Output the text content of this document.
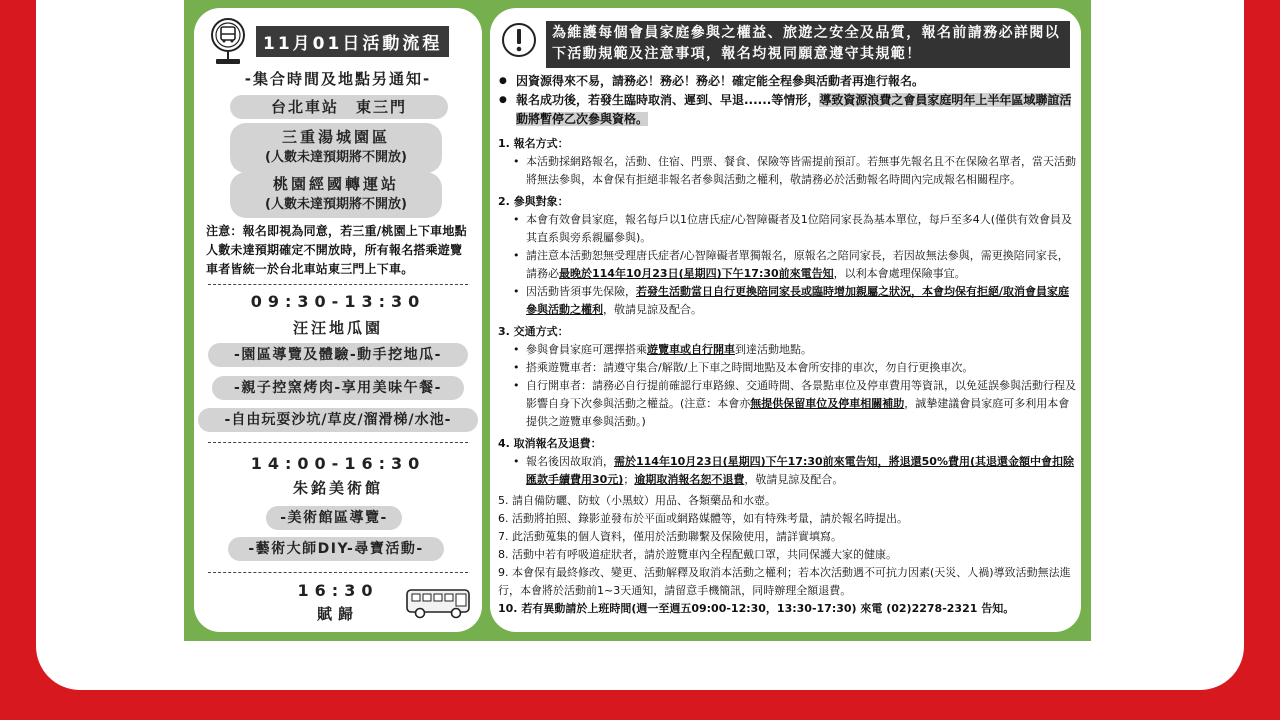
11月01日活動流程
-集合時間及地點另通知-
台北車站　東三門
三重湯城園區
(人數未達預期將不開放)
桃園經國轉運站
(人數未達預期將不開放)
注意：報名即視為同意，若三重/桃園上下車地點人數未達預期確定不開放時，所有報名搭乘遊覽車者皆統一於台北車站東三門上下車。
09:30-13:30
汪汪地瓜園
-園區導覽及體驗-動手挖地瓜-
-親子控窯烤肉-享用美味午餐-
-自由玩耍沙坑/草皮/溜滑梯/水池-
14:00-16:30
朱銘美術館
-美術館區導覽-
-藝術大師DIY-尋寶活動-
16:30
賦歸
為維護每個會員家庭參與之權益、旅遊之安全及品質，報名前請務必詳閱以下活動規範及注意事項，報名均視同願意遵守其規範！
● 因資源得來不易，請務必！務必！務必！確定能全程參與活動者再進行報名。
● 報名成功後，若發生臨時取消、遲到、早退......等情形，導致資源浪費之會員家庭明年上半年區域聯誼活動將暫停乙次參與資格。
1. 報名方式：
• 本活動採網路報名，活動、住宿、門票、餐食、保險等皆需提前預訂。若無事先報名且不在保險名單者，當天活動將無法參與，本會保有拒絕非報名者參與活動之權利，敬請務必於活動報名時間內完成報名相關程序。
2. 參與對象：
• 本會有效會員家庭，報名每戶以1位唐氏症/心智障礙者及1位陪同家長為基本單位，每戶至多4人(僅供有效會員及其直系與旁系親屬參與)。
• 請注意本活動恕無受理唐氏症者/心智障礙者單獨報名，原報名之陪同家長，若因故無法參與，需更換陪同家長，請務必最晚於114年10月23日(星期四)下午17:30前來電告知，以利本會處理保險事宜。
• 因活動皆須事先保險，若發生活動當日自行更換陪同家長或臨時增加親屬之狀況，本會均保有拒絕/取消會員家庭參與活動之權利，敬請見諒及配合。
3. 交通方式：
• 參與會員家庭可選擇搭乘遊覽車或自行開車到達活動地點。
• 搭乘遊覽車者：請遵守集合/解散/上下車之時間地點及本會所安排的車次，勿自行更換車次。
• 自行開車者：請務必自行提前確認行車路線、交通時間、各景點車位及停車費用等資訊，以免延誤參與活動行程及影響自身下次參與活動之權益。(注意：本會亦無提供保留車位及停車相關補助，誠摯建議會員家庭可多利用本會提供之遊覽車參與活動。)
4. 取消報名及退費：
• 報名後因故取消，需於114年10月23日(星期四)下午17:30前來電告知，將退還50%費用(其退還金額中會扣除匯款手續費用30元)；逾期取消報名恕不退費，敬請見諒及配合。
5. 請自備防曬、防蚊（小黑蚊）用品、各類藥品和水壺。
6. 活動將拍照、錄影並發布於平面或網路媒體等，如有特殊考量，請於報名時提出。
7. 此活動蒐集的個人資料，僅用於活動聯繫及保險使用，請詳實填寫。
8. 活動中若有呼吸道症狀者，請於遊覽車內全程配戴口罩，共同保護大家的健康。
9. 本會保有最終修改、變更、活動解釋及取消本活動之權利；若本次活動遇不可抗力因素(天災、人禍)導致活動無法進行，本會將於活動前1~3天通知，請留意手機簡訊，同時辦理全額退費。
10. 若有異動請於上班時間(週一至週五09:00-12:30，13:30-17:30) 來電 (02)2278-2321 告知。
